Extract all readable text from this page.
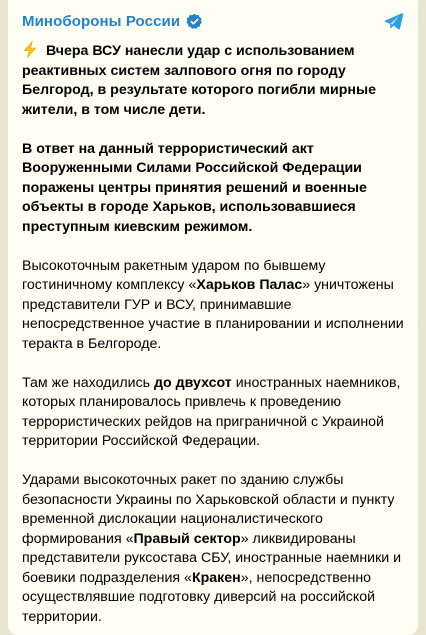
Минобороны России

Вчера ВСУ нанесли удар с использованием реактивных систем залпового огня по городу Белгород, в результате которого погибли мирные жители, в том числе дети.

В ответ на данный террористический акт Вооруженными Силами Российской Федерации поражены центры принятия решений и военные объекты в городе Харьков, использовавшиеся преступным киевским режимом.

Высокоточным ракетным ударом по бывшему гостиничному комплексу «Харьков Палас» уничтожены представители ГУР и ВСУ, принимавшие непосредственное участие в планировании и исполнении теракта в Белгороде.

Там же находились до двухсот иностранных наемников, которых планировалось привлечь к проведению террористических рейдов на приграничной с Украиной территории Российской Федерации.

Ударами высокоточных ракет по зданию службы безопасности Украины по Харьковской области и пункту временной дислокации националистического формирования «Правый сектор» ликвидированы представители руксостава СБУ, иностранные наемники и боевики подразделения «Кракен», непосредственно осуществлявшие подготовку диверсий на российской территории.
